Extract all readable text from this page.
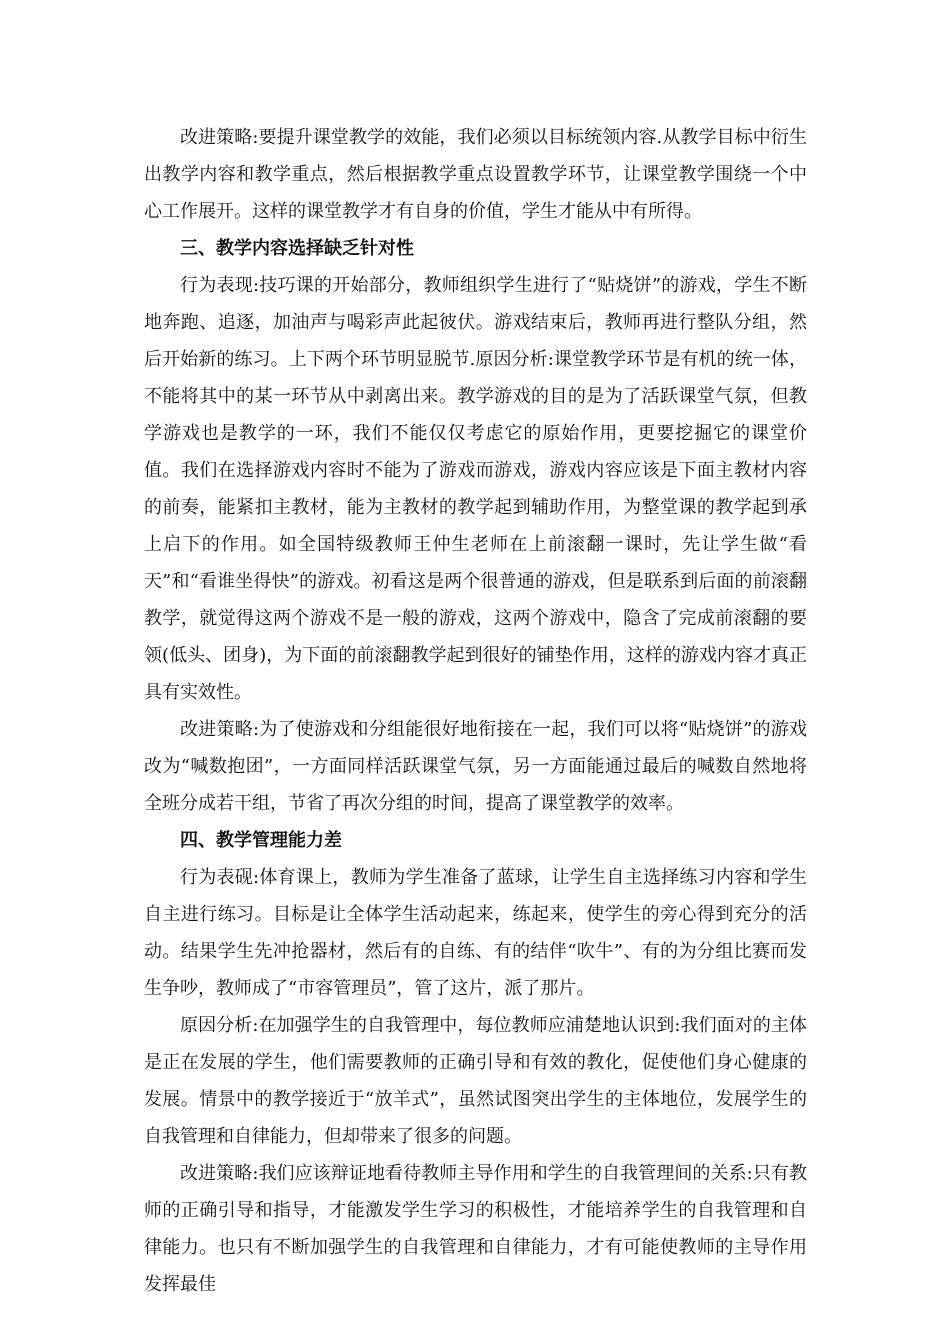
改进策略:要提升课堂教学的效能，我们必须以目标统领内容.从教学目标中衍生出教学内容和教学重点，然后根据教学重点设置教学环节，让课堂教学围绕一个中心工作展开。这样的课堂教学才有自身的价值，学生才能从中有所得。

三、教学内容选择缺乏针对性

行为表现:技巧课的开始部分，教师组织学生进行了“贴烧饼”的游戏，学生不断地奔跑、追逐，加油声与喝彩声此起彼伏。游戏结束后，教师再进行整队分组，然后开始新的练习。上下两个环节明显脱节.原因分析:课堂教学环节是有机的统一体，不能将其中的某一环节从中剥离出来。教学游戏的目的是为了活跃课堂气氛，但教学游戏也是教学的一环，我们不能仅仅考虑它的原始作用，更要挖掘它的课堂价值。我们在选择游戏内容时不能为了游戏而游戏，游戏内容应该是下面主教材内容的前奏，能紧扣主教材，能为主教材的教学起到辅助作用，为整堂课的教学起到承上启下的作用。如全国特级教师王仲生老师在上前滚翻一课时，先让学生做“看天”和“看谁坐得快”的游戏。初看这是两个很普通的游戏，但是联系到后面的前滚翻教学，就觉得这两个游戏不是一般的游戏，这两个游戏中，隐含了完成前滚翻的要领(低头、团身)，为下面的前滚翻教学起到很好的铺垫作用，这样的游戏内容才真正具有实效性。

改进策略:为了使游戏和分组能很好地衔接在一起，我们可以将“贴烧饼”的游戏改为“喊数抱团”，一方面同样活跃课堂气氛，另一方面能通过最后的喊数自然地将全班分成若干组，节省了再次分组的时间，提高了课堂教学的效率。

四、教学管理能力差

行为表砚:体育课上，教师为学生准备了蓝球，让学生自主选择练习内容和学生自主进行练习。目标是让全体学生活动起来，练起来，使学生的旁心得到充分的活动。结果学生先冲抢器材，然后有的自练、有的结伴“吹牛”、有的为分组比赛而发生争吵，教师成了“市容管理员”，管了这片，派了那片。

原因分析:在加强学生的自我管理中，每位教师应浦楚地认识到:我们面对的主体是正在发展的学生，他们需要教师的正确引导和有效的教化，促使他们身心健康的发展。情景中的教学接近于“放羊式”，虽然试图突出学生的主体地位，发展学生的自我管理和自律能力，但却带来了很多的问题。

改进策略:我们应该辩证地看待教师主导作用和学生的自我管理间的关系:只有教师的正确引导和指导，才能激发学生学习的积极性，才能培养学生的自我管理和自律能力。也只有不断加强学生的自我管理和自律能力，才有可能使教师的主导作用发挥最佳
